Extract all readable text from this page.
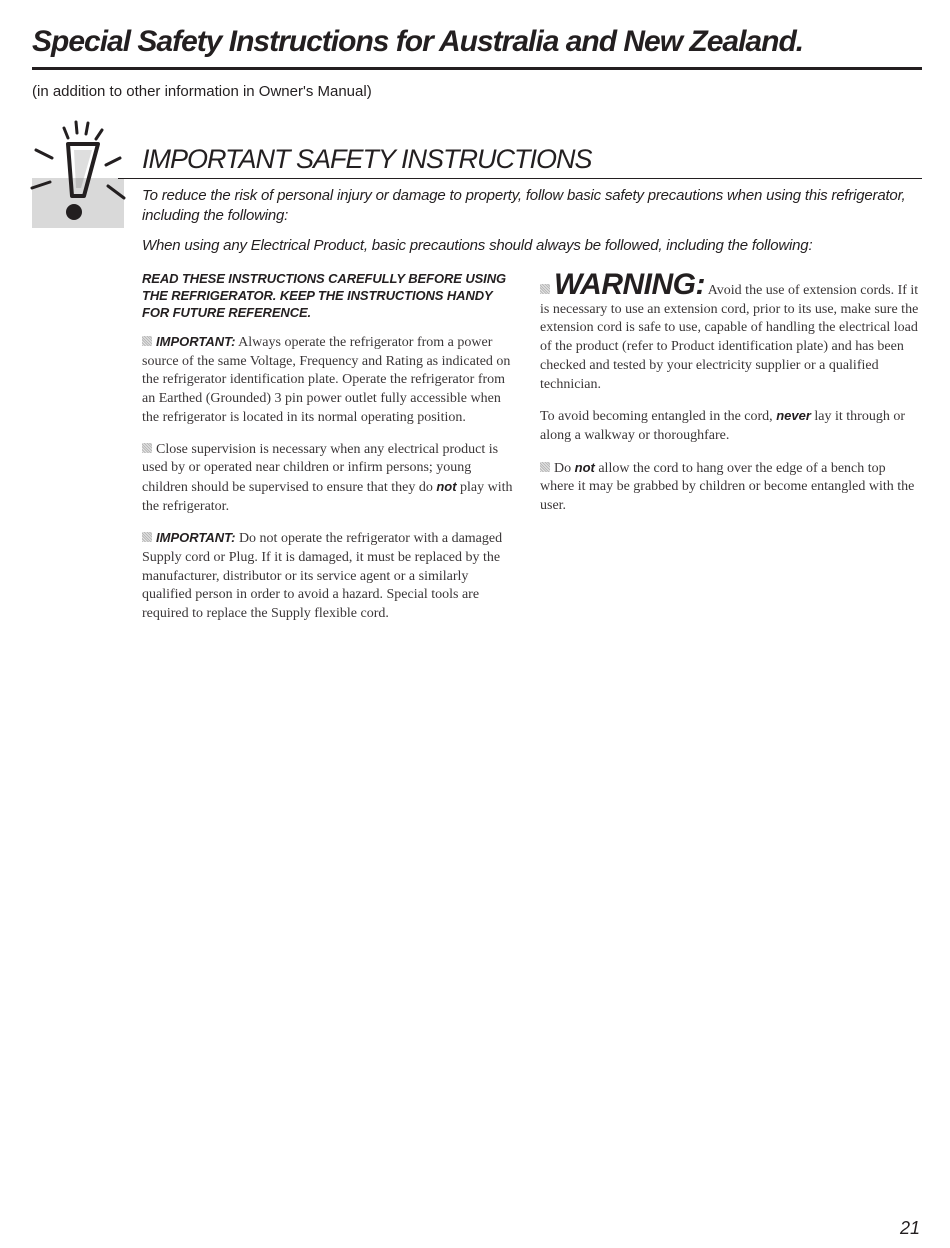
Special Safety Instructions for Australia and New Zealand.
(in addition to other information in Owner's Manual)
IMPORTANT SAFETY INSTRUCTIONS
To reduce the risk of personal injury or damage to property, follow basic safety precautions when using this refrigerator, including the following:
When using any Electrical Product, basic precautions should always be followed, including the following:

READ THESE INSTRUCTIONS CAREFULLY BEFORE USING THE REFRIGERATOR. KEEP THE INSTRUCTIONS HANDY FOR FUTURE REFERENCE.

IMPORTANT: Always operate the refrigerator from a power source of the same Voltage, Frequency and Rating as indicated on the refrigerator identification plate. Operate the refrigerator from an Earthed (Grounded) 3 pin power outlet fully accessible when the refrigerator is located in its normal operating position.

Close supervision is necessary when any electrical product is used by or operated near children or infirm persons; young children should be supervised to ensure that they do not play with the refrigerator.

IMPORTANT: Do not operate the refrigerator with a damaged Supply cord or Plug. If it is damaged, it must be replaced by the manufacturer, distributor or its service agent or a similarly qualified person in order to avoid a hazard. Special tools are required to replace the Supply flexible cord.

WARNING: Avoid the use of extension cords. If it is necessary to use an extension cord, prior to its use, make sure the extension cord is safe to use, capable of handling the electrical load of the product (refer to Product identification plate) and has been checked and tested by your electricity supplier or a qualified technician.

To avoid becoming entangled in the cord, never lay it through or along a walkway or thoroughfare.

Do not allow the cord to hang over the edge of a bench top where it may be grabbed by children or become entangled with the user.

21
